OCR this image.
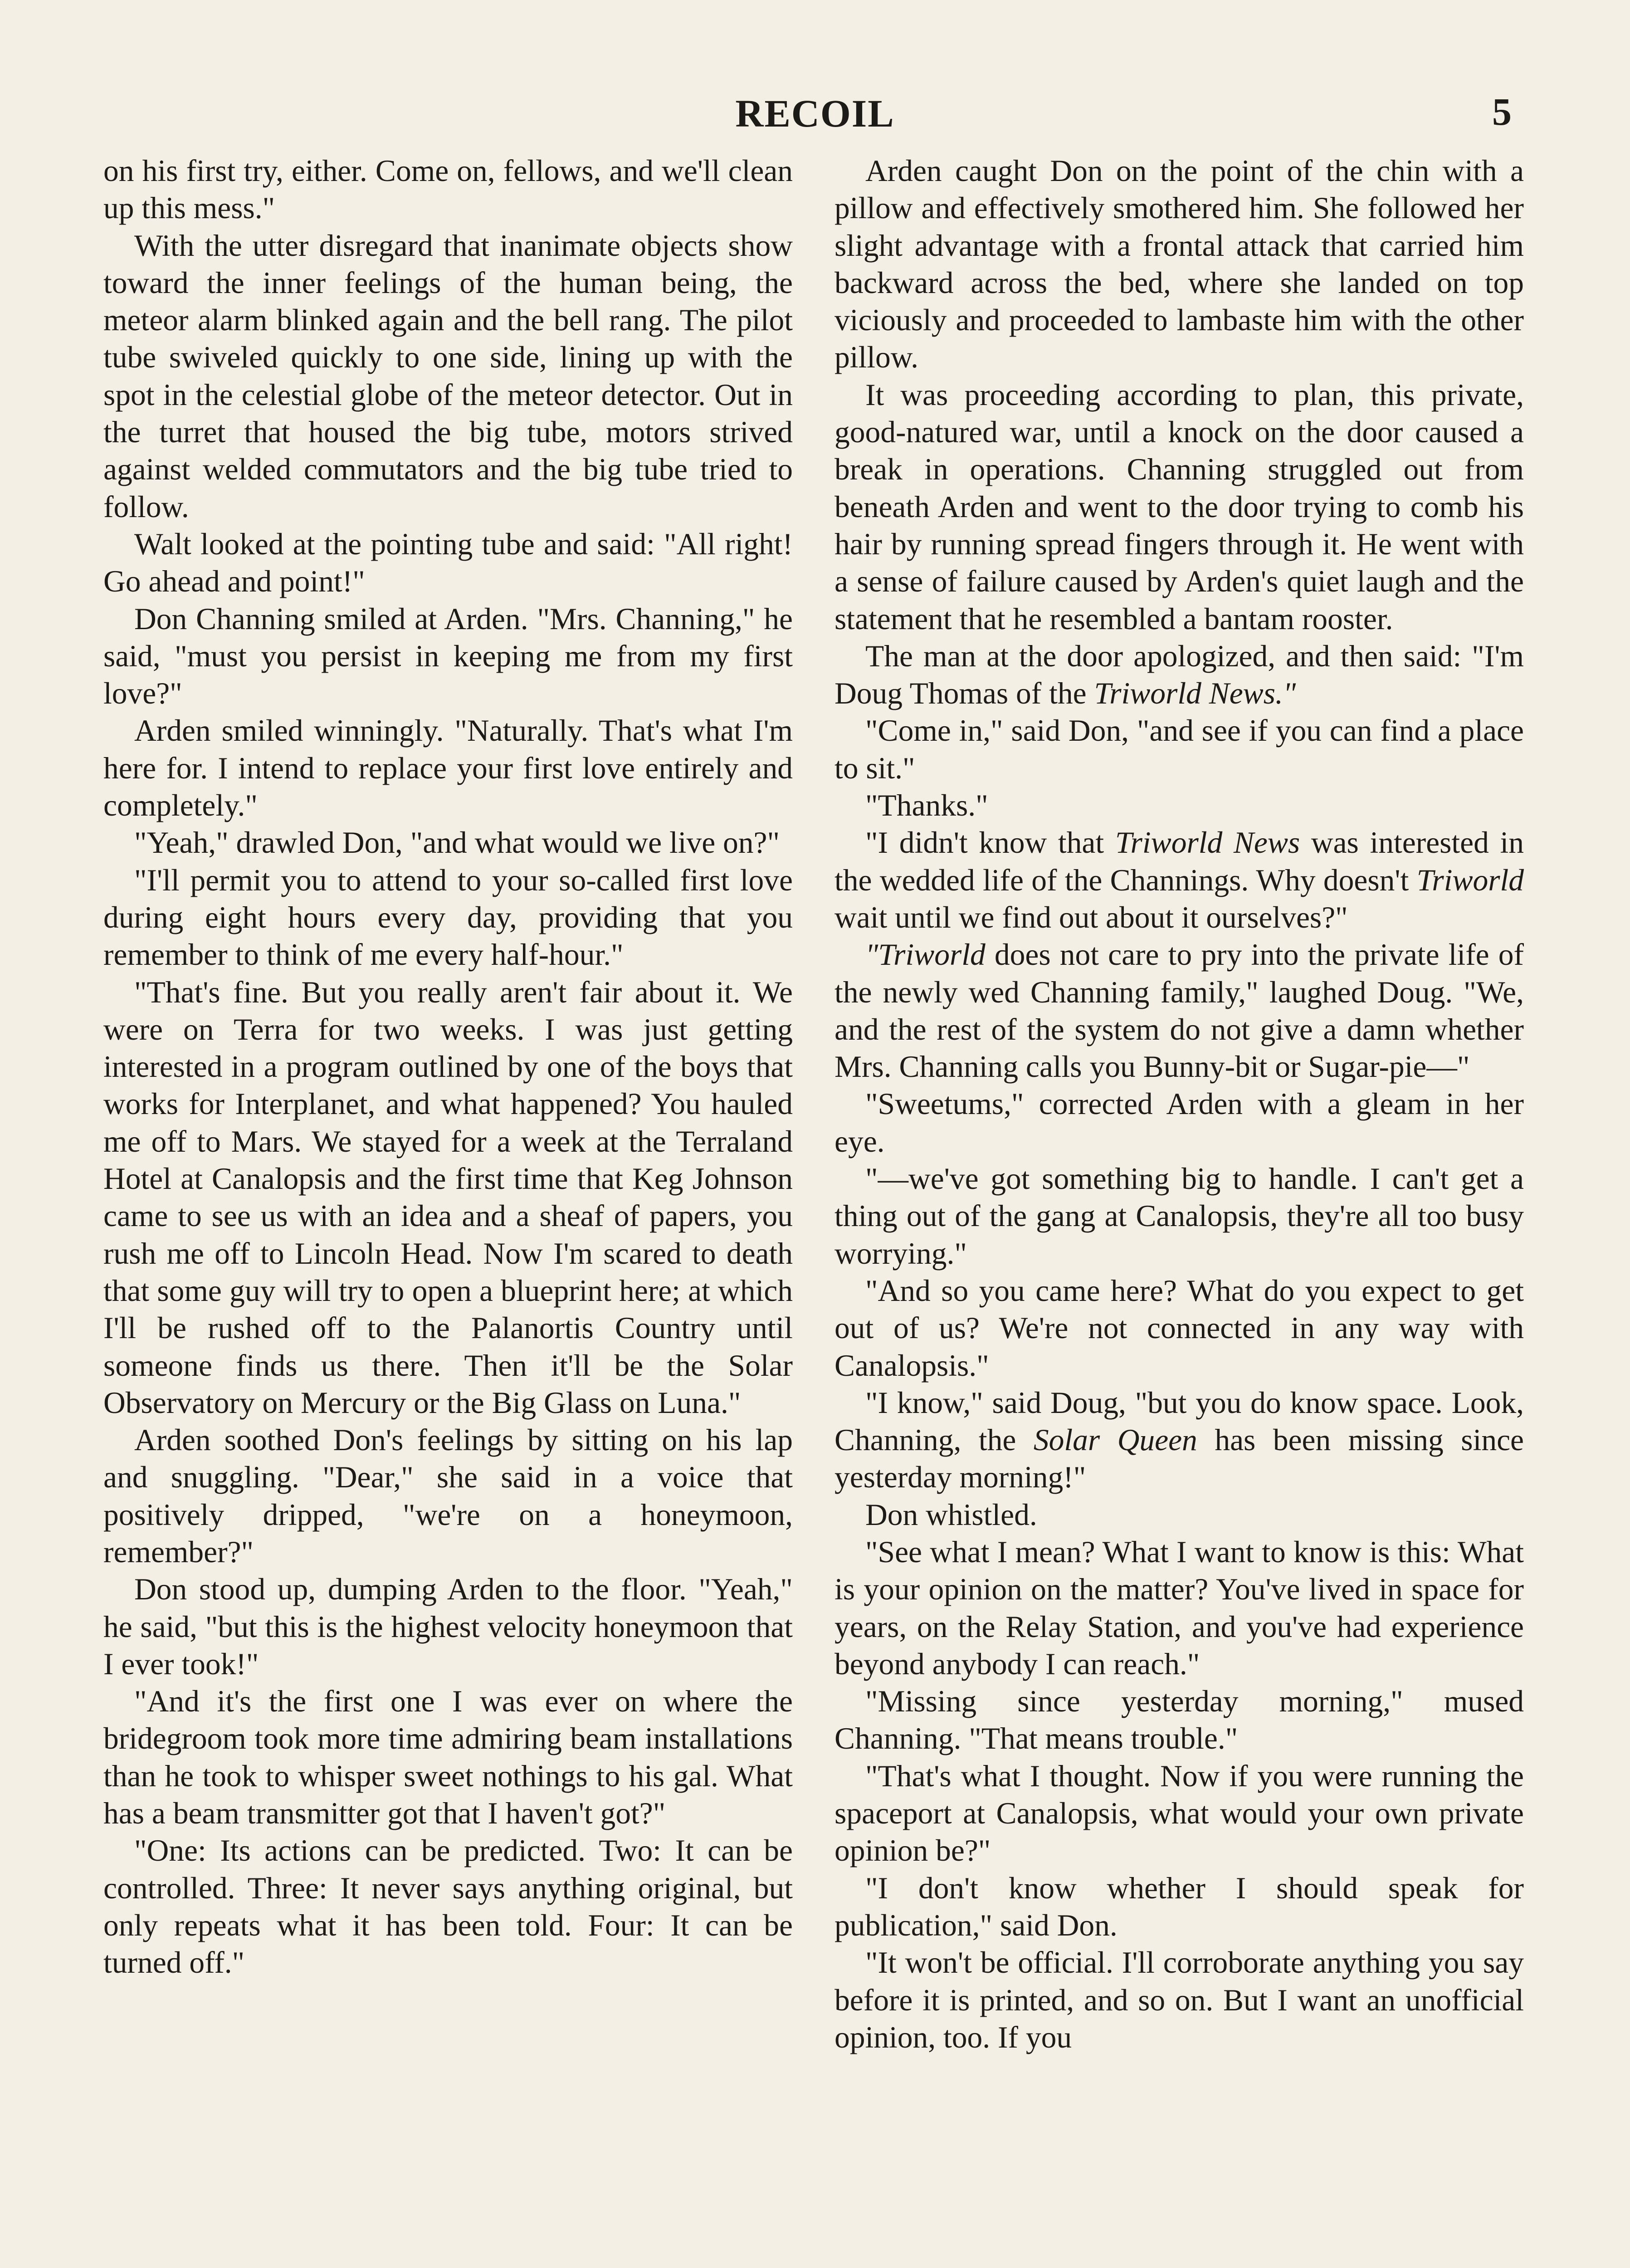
RECOIL	5

on his first try, either. Come on, fellows, and we'll clean up this mess."

With the utter disregard that inanimate objects show toward the inner feelings of the human being, the meteor alarm blinked again and the bell rang. The pilot tube swiveled quickly to one side, lining up with the spot in the celestial globe of the meteor detector. Out in the turret that housed the big tube, motors strived against welded commutators and the big tube tried to follow.

Walt looked at the pointing tube and said: "All right! Go ahead and point!"

Don Channing smiled at Arden. "Mrs. Channing," he said, "must you persist in keeping me from my first love?"

Arden smiled winningly. "Naturally. That's what I'm here for. I intend to replace your first love entirely and completely."

"Yeah," drawled Don, "and what would we live on?"

"I'll permit you to attend to your so-called first love during eight hours every day, providing that you remember to think of me every half-hour."

"That's fine. But you really aren't fair about it. We were on Terra for two weeks. I was just getting interested in a program outlined by one of the boys that works for Interplanet, and what happened? You hauled me off to Mars. We stayed for a week at the Terraland Hotel at Canalopsis and the first time that Keg Johnson came to see us with an idea and a sheaf of papers, you rush me off to Lincoln Head. Now I'm scared to death that some guy will try to open a blueprint here; at which I'll be rushed off to the Palanortis Country until someone finds us there. Then it'll be the Solar Observatory on Mercury or the Big Glass on Luna."

Arden soothed Don's feelings by sitting on his lap and snuggling. "Dear," she said in a voice that positively dripped, "we're on a honeymoon, remember?"

Don stood up, dumping Arden to the floor. "Yeah," he said, "but this is the highest velocity honeymoon that I ever took!"

"And it's the first one I was ever on where the bridegroom took more time admiring beam installations than he took to whisper sweet nothings to his gal. What has a beam transmitter got that I haven't got?"

"One: Its actions can be predicted. Two: It can be controlled. Three: It never says anything original, but only repeats what it has been told. Four: It can be turned off."

Arden caught Don on the point of the chin with a pillow and effectively smothered him. She followed her slight advantage with a frontal attack that carried him backward across the bed, where she landed on top viciously and proceeded to lambaste him with the other pillow.

It was proceeding according to plan, this private, good-natured war, until a knock on the door caused a break in operations. Channing struggled out from beneath Arden and went to the door trying to comb his hair by running spread fingers through it. He went with a sense of failure caused by Arden's quiet laugh and the statement that he resembled a bantam rooster.

The man at the door apologized, and then said: "I'm Doug Thomas of the Triworld News."

"Come in," said Don, "and see if you can find a place to sit."

"Thanks."

"I didn't know that Triworld News was interested in the wedded life of the Channings. Why doesn't Triworld wait until we find out about it ourselves?"

"Triworld does not care to pry into the private life of the newly wed Channing family," laughed Doug. "We, and the rest of the system do not give a damn whether Mrs. Channing calls you Bunny-bit or Sugar-pie—"

"Sweetums," corrected Arden with a gleam in her eye.

"—we've got something big to handle. I can't get a thing out of the gang at Canalopsis, they're all too busy worrying."

"And so you came here? What do you expect to get out of us? We're not connected in any way with Canalopsis."

"I know," said Doug, "but you do know space. Look, Channing, the Solar Queen has been missing since yesterday morning!"

Don whistled.

"See what I mean? What I want to know is this: What is your opinion on the matter? You've lived in space for years, on the Relay Station, and you've had experience beyond anybody I can reach."

"Missing since yesterday morning," mused Channing. "That means trouble."

"That's what I thought. Now if you were running the spaceport at Canalopsis, what would your own private opinion be?"

"I don't know whether I should speak for publication," said Don.

"It won't be official. I'll corroborate anything you say before it is printed, and so on. But I want an unofficial opinion, too. If you
